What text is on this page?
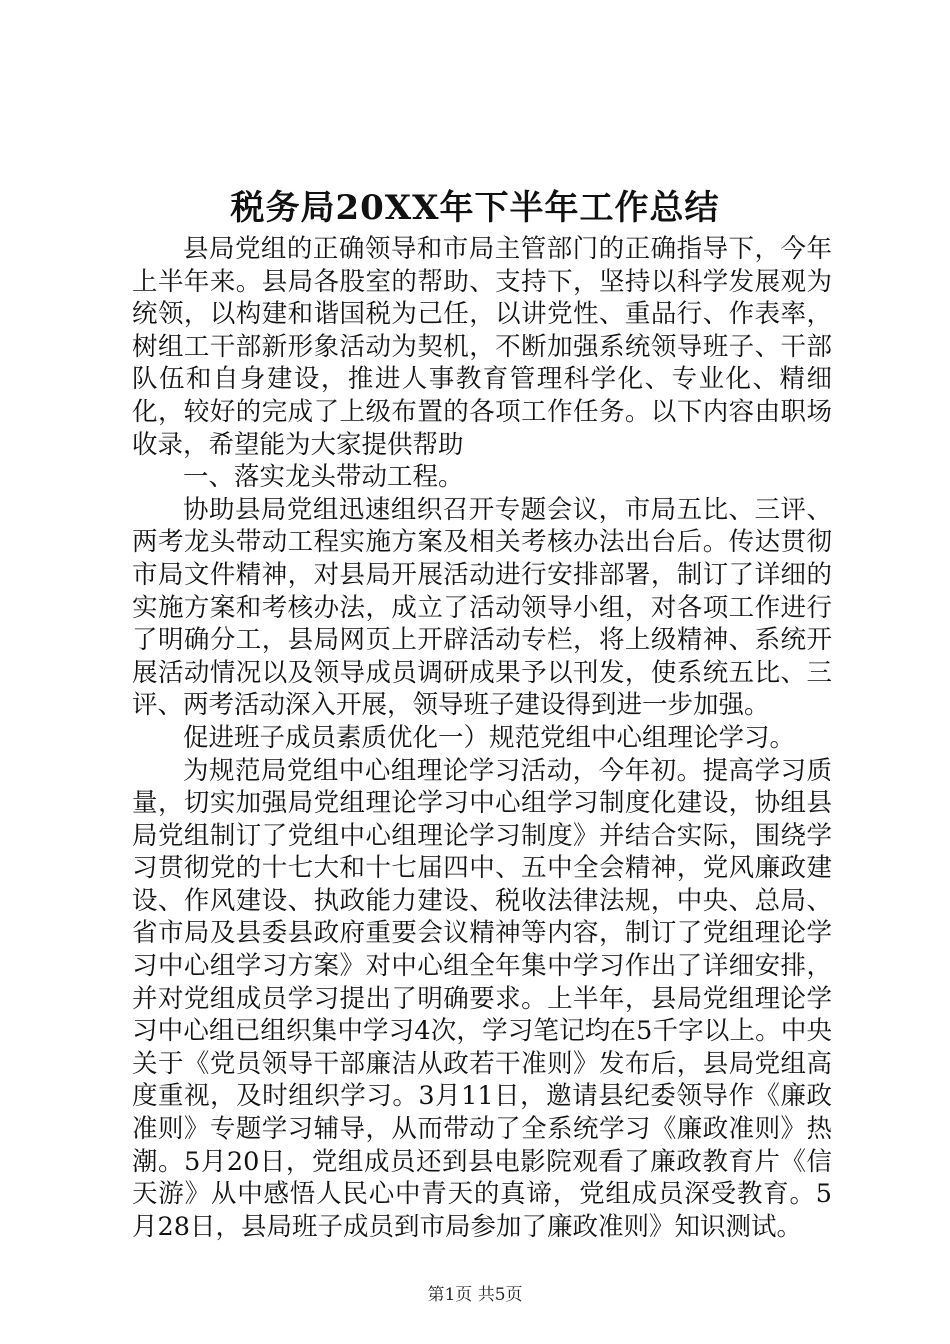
税务局20XX年下半年工作总结

县局党组的正确领导和市局主管部门的正确指导下，今年上半年来。县局各股室的帮助、支持下，坚持以科学发展观为统领，以构建和谐国税为己任，以讲党性、重品行、作表率，树组工干部新形象活动为契机，不断加强系统领导班子、干部队伍和自身建设，推进人事教育管理科学化、专业化、精细化，较好的完成了上级布置的各项工作任务。以下内容由职场收录，希望能为大家提供帮助

一、落实龙头带动工程。

协助县局党组迅速组织召开专题会议，市局五比、三评、两考龙头带动工程实施方案及相关考核办法出台后。传达贯彻市局文件精神，对县局开展活动进行安排部署，制订了详细的实施方案和考核办法，成立了活动领导小组，对各项工作进行了明确分工，县局网页上开辟活动专栏，将上级精神、系统开展活动情况以及领导成员调研成果予以刊发，使系统五比、三评、两考活动深入开展，领导班子建设得到进一步加强。

促进班子成员素质优化一）规范党组中心组理论学习。

为规范局党组中心组理论学习活动，今年初。提高学习质量，切实加强局党组理论学习中心组学习制度化建设，协组县局党组制订了党组中心组理论学习制度》并结合实际，围绕学习贯彻党的十七大和十七届四中、五中全会精神，党风廉政建设、作风建设、执政能力建设、税收法律法规，中央、总局、省市局及县委县政府重要会议精神等内容，制订了党组理论学习中心组学习方案》对中心组全年集中学习作出了详细安排，并对党组成员学习提出了明确要求。上半年，县局党组理论学习中心组已组织集中学习4次，学习笔记均在5千字以上。中央关于《党员领导干部廉洁从政若干准则》发布后，县局党组高度重视，及时组织学习。3月11日，邀请县纪委领导作《廉政准则》专题学习辅导，从而带动了全系统学习《廉政准则》热潮。5月20日，党组成员还到县电影院观看了廉政教育片《信天游》从中感悟人民心中青天的真谛，党组成员深受教育。5月28日，县局班子成员到市局参加了廉政准则》知识测试。

第1页 共5页
